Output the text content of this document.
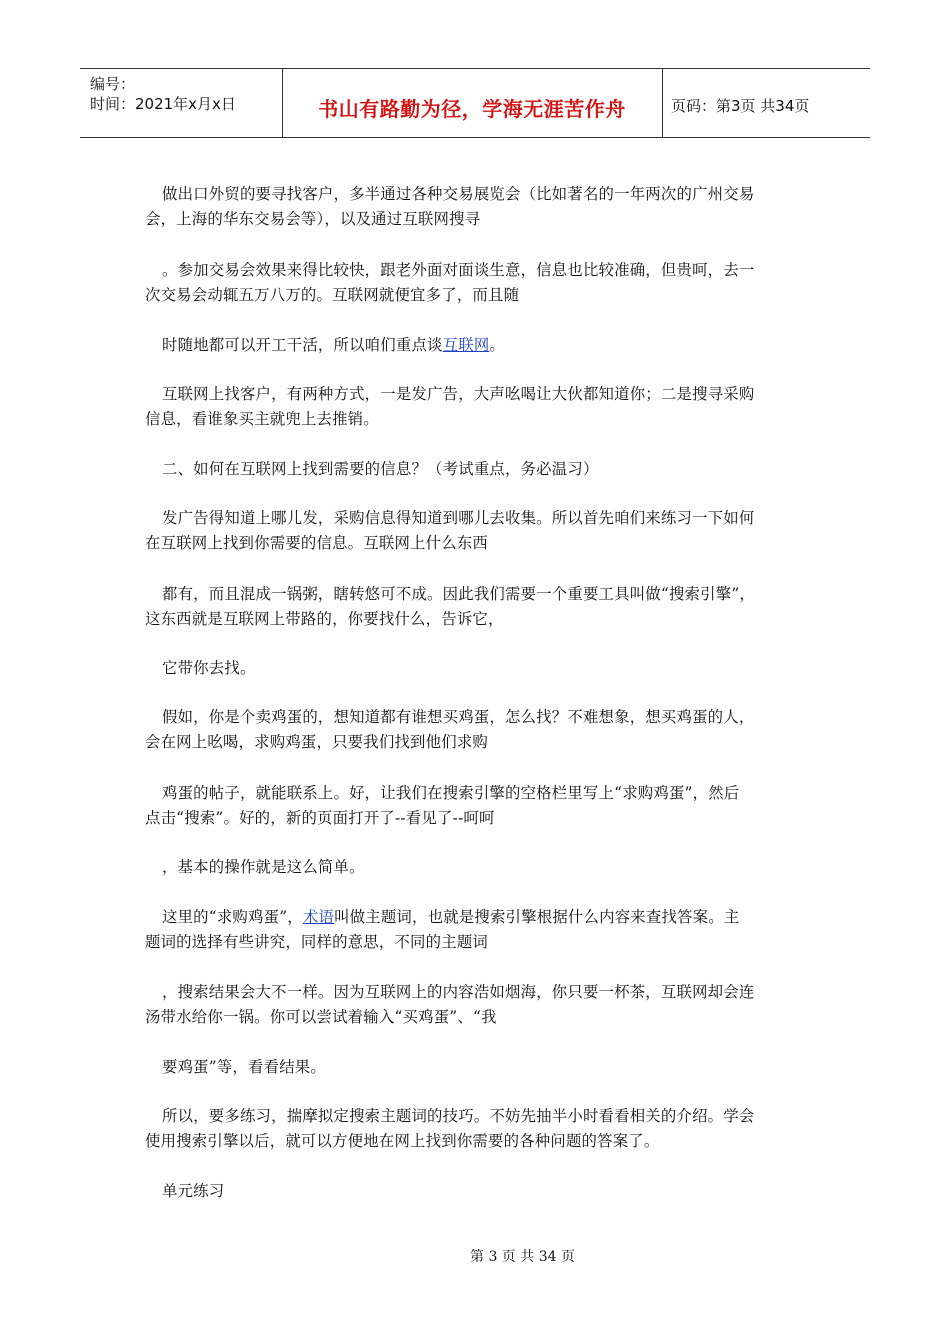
编号：
时间：2021年x月x日	书山有路勤为径，学海无涯苦作舟	页码：第3页 共34页
做出口外贸的要寻找客户，多半通过各种交易展览会（比如著名的一年两次的广州交易
会，上海的华东交易会等），以及通过互联网搜寻
。参加交易会效果来得比较快，跟老外面对面谈生意，信息也比较准确，但贵呵，去一
次交易会动辄五万八万的。互联网就便宜多了，而且随
时随地都可以开工干活，所以咱们重点谈互联网。
互联网上找客户，有两种方式，一是发广告，大声吆喝让大伙都知道你；二是搜寻采购
信息，看谁象买主就兜上去推销。
二、如何在互联网上找到需要的信息？（考试重点，务必温习）
发广告得知道上哪儿发，采购信息得知道到哪儿去收集。所以首先咱们来练习一下如何
在互联网上找到你需要的信息。互联网上什么东西
都有，而且混成一锅粥，瞎转悠可不成。因此我们需要一个重要工具叫做“搜索引擎”，
这东西就是互联网上带路的，你要找什么，告诉它，
它带你去找。
假如，你是个卖鸡蛋的，想知道都有谁想买鸡蛋，怎么找？不难想象，想买鸡蛋的人，
会在网上吆喝，求购鸡蛋，只要我们找到他们求购
鸡蛋的帖子，就能联系上。好，让我们在搜索引擎的空格栏里写上“求购鸡蛋”，然后
点击“搜索”。好的，新的页面打开了--看见了--呵呵
，基本的操作就是这么简单。
这里的“求购鸡蛋”，术语叫做主题词，也就是搜索引擎根据什么内容来查找答案。主
题词的选择有些讲究，同样的意思，不同的主题词
，搜索结果会大不一样。因为互联网上的内容浩如烟海，你只要一杯茶，互联网却会连
汤带水给你一锅。你可以尝试着输入“买鸡蛋”、“我
要鸡蛋”等，看看结果。
所以，要多练习，揣摩拟定搜索主题词的技巧。不妨先抽半小时看看相关的介绍。学会
使用搜索引擎以后，就可以方便地在网上找到你需要的各种问题的答案了。
单元练习
第 3 页 共 34 页
